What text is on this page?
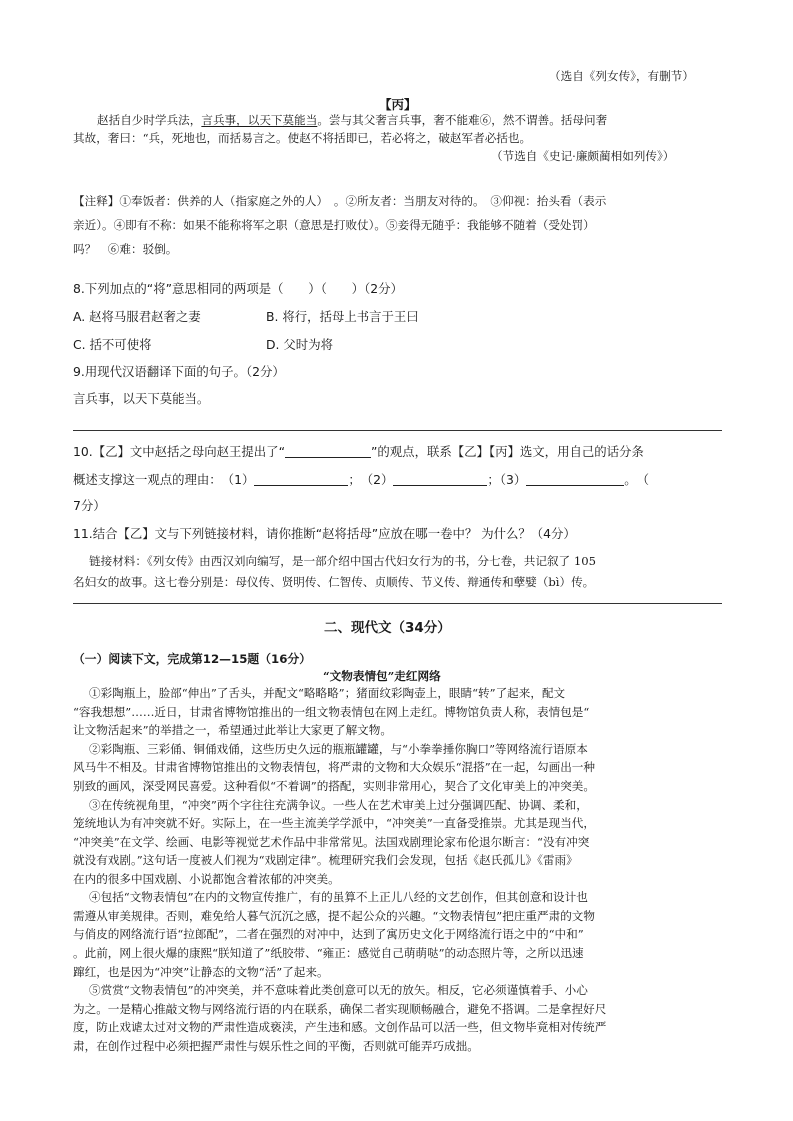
（选自《列女传》，有删节）
【丙】
赵括自少时学兵法，言兵事，以天下莫能当。尝与其父奢言兵事，奢不能难⑥，然不谓善。括母问奢
其故，奢曰：“兵，死地也，而括易言之。使赵不将括即已，若必将之，破赵军者必括也。
（节选自《史记·廉颇蔺相如列传》）
【注释】①奉饭者：供养的人（指家庭之外的人）　。②所友者：当朋友对待的。　③仰视：抬头看（表示
亲近）。④即有不称：如果不能称将军之职（意思是打败仗）。⑤妾得无随乎：我能够不随着（受处罚）
吗？　⑥难：驳倒。
8.下列加点的“将”意思相同的两项是（　　）（　　）（2分）
A. 赵将马服君赵奢之妻	B. 将行，括母上书言于王曰
C. 括不可使将	D. 父时为将
9.用现代汉语翻译下面的句子。（2分）
言兵事，以天下莫能当。
10.【乙】文中赵括之母向赵王提出了“	”的观点，联系【乙】【丙】选文，用自己的话分条
概述支撑这一观点的理由：　（1）	；　（2）	；（3）	。　（
7分）
11.结合【乙】文与下列链接材料，请你推断“赵将括母”应放在哪一卷中？ 为什么？（4分）
链接材料：《列女传》由西汉刘向编写，是一部介绍中国古代妇女行为的书，分七卷，共记叙了 105
名妇女的故事。这七卷分别是：母仪传、贤明传、仁智传、贞顺传、节义传、辩通传和孽嬖（bì）传。
二、现代文（34分）
（一）阅读下文，完成第12—15题（16分）
“文物表情包”走红网络
①彩陶瓶上，脸部“伸出”了舌头，并配文“略略略”；猪面纹彩陶壶上，眼睛“转”了起来，配文
“容我想想”……近日，甘肃省博物馆推出的一组文物表情包在网上走红。博物馆负责人称，表情包是“
让文物活起来”的举措之一，希望通过此举让大家更了解文物。
②彩陶瓶、三彩俑、铜俑戏俑，这些历史久远的瓶瓶罐罐，与“小拳拳捶你胸口”等网络流行语原本
风马牛不相及。甘肃省博物馆推出的文物表情包，将严肃的文物和大众娱乐“混搭”在一起，勾画出一种
别致的画风，深受网民喜爱。这种看似“不着调”的搭配，实则非常用心，契合了文化审美上的冲突美。
③在传统视角里，“冲突”两个字往往充满争议。一些人在艺术审美上过分强调匹配、协调、柔和，
笼统地认为有冲突就不好。实际上，在一些主流美学学派中，“冲突美”一直备受推崇。尤其是现当代，
“冲突美”在文学、绘画、电影等视觉艺术作品中非常常见。法国戏剧理论家布伦退尔断言：“没有冲突
就没有戏剧。”这句话一度被人们视为“戏剧定律”。梳理研究我们会发现，包括《赵氏孤儿》《雷雨》
在内的很多中国戏剧、小说都饱含着浓郁的冲突美。
④包括“文物表情包”在内的文物宣传推广，有的虽算不上正儿八经的文艺创作，但其创意和设计也
需遵从审美规律。否则，难免给人暮气沉沉之感，提不起公众的兴趣。“文物表情包”把庄重严肃的文物
与俏皮的网络流行语“拉郎配”，二者在强烈的对冲中，达到了寓历史文化于网络流行语之中的“中和”
。此前，网上很火爆的康熙“朕知道了”纸胶带、“雍正：感觉自己萌萌哒”的动态照片等，之所以迅速
蹿红，也是因为“冲突”让静态的文物“活”了起来。
⑤赏赏“文物表情包”的冲突美，并不意味着此类创意可以无的放矢。相反，它必须谨慎着手、小心
为之。一是精心推敲文物与网络流行语的内在联系，确保二者实现顺畅融合，避免不搭调。二是拿捏好尺
度，防止戏谑太过对文物的严肃性造成亵渎，产生违和感。文创作品可以活一些，但文物毕竟相对传统严
肃，在创作过程中必须把握严肃性与娱乐性之间的平衡，否则就可能弄巧成拙。
